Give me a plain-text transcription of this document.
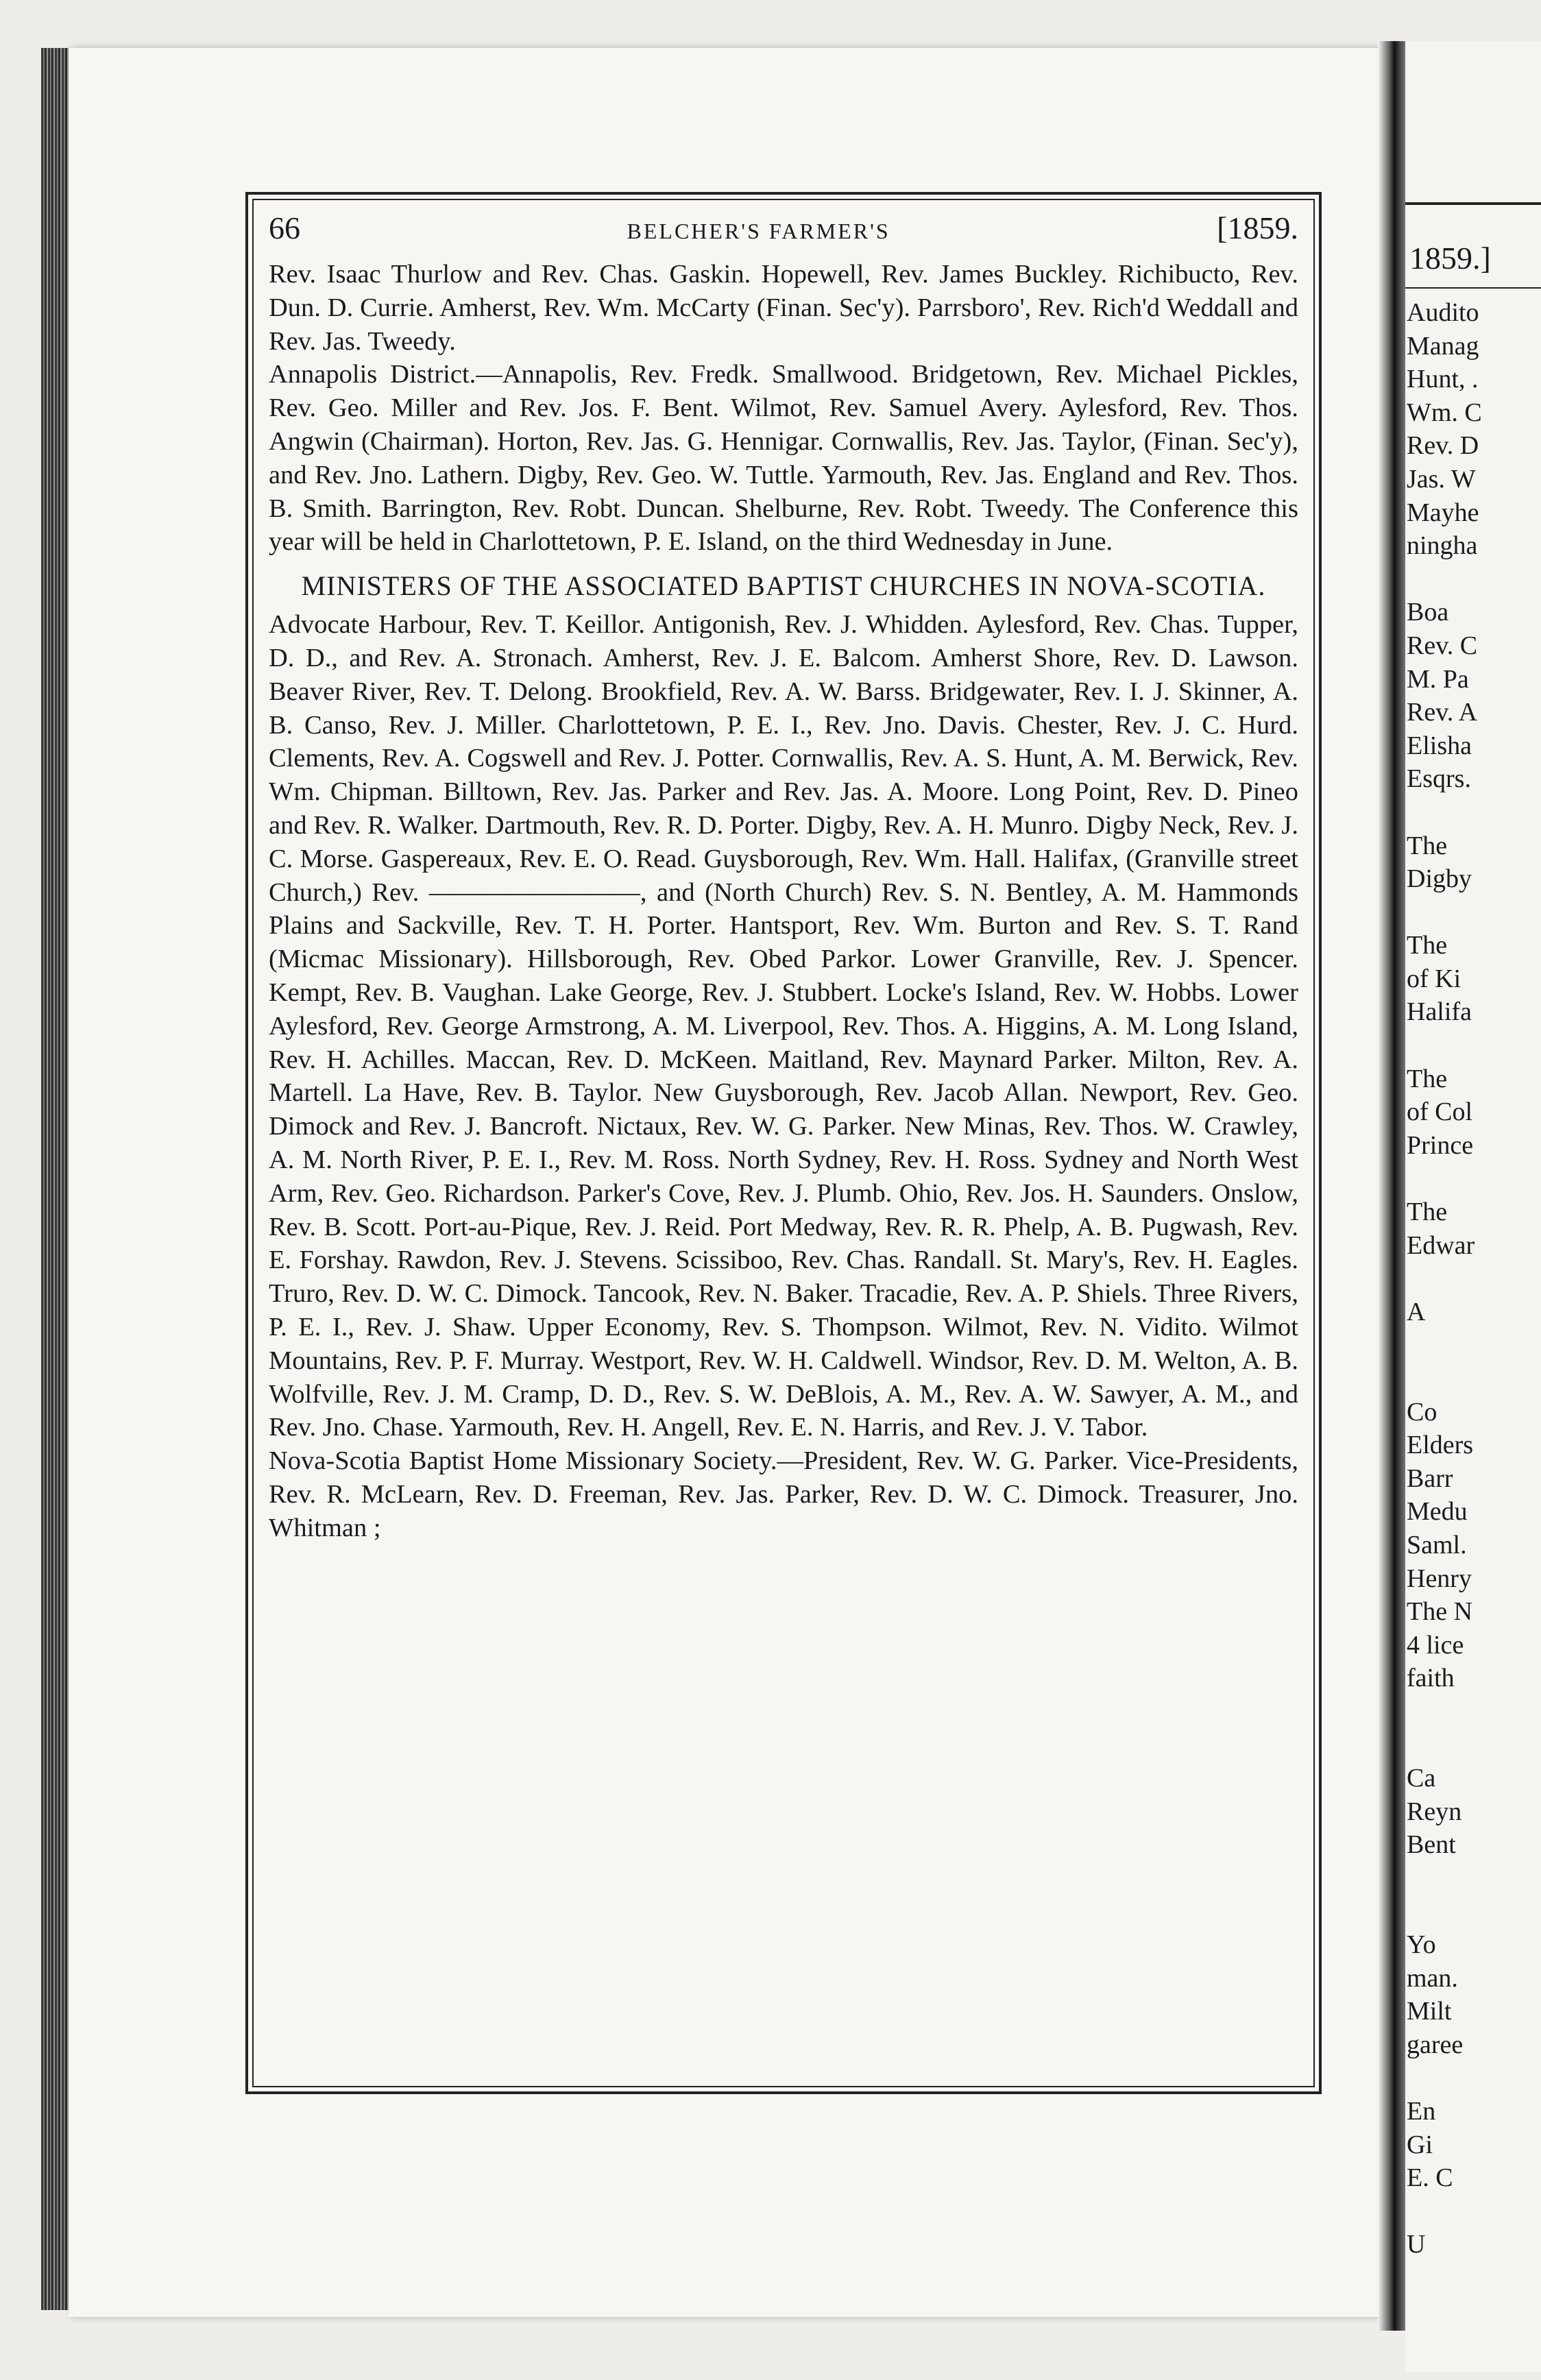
1859.]
Audito
Manag
Hunt, .
Wm. C
Rev. D
Jas. W
Mayhe
ningha
Boa
Rev. C
M. Pa
Rev. A
Elisha
Esqrs.
The
Digby
The
of Ki
Halifa
The
of Col
Prince
The
Edwar
A
Co
Elders
Barr
Medu
Saml.
Henry
The N
4 lice
faith
Ca
Reyn
Bent
Yo
man.
Milt
garee
En
Gi
E. C
U
66	BELCHER'S FARMER'S	[1859.

Rev. Isaac Thurlow and Rev. Chas. Gaskin. Hopewell, Rev. James Buckley. Richibucto, Rev. Dun. D. Currie. Amherst, Rev. Wm. McCarty (Finan. Sec'y). Parrsboro', Rev. Rich'd Weddall and Rev. Jas. Tweedy.

Annapolis District.—Annapolis, Rev. Fredk. Smallwood. Bridgetown, Rev. Michael Pickles, Rev. Geo. Miller and Rev. Jos. F. Bent. Wilmot, Rev. Samuel Avery. Aylesford, Rev. Thos. Angwin (Chairman). Horton, Rev. Jas. G. Hennigar. Cornwallis, Rev. Jas. Taylor, (Finan. Sec'y), and Rev. Jno. Lathern. Digby, Rev. Geo. W. Tuttle. Yarmouth, Rev. Jas. England and Rev. Thos. B. Smith. Barrington, Rev. Robt. Duncan. Shelburne, Rev. Robt. Tweedy. The Conference this year will be held in Charlottetown, P. E. Island, on the third Wednesday in June.

MINISTERS OF THE ASSOCIATED BAPTIST CHURCHES IN NOVA-SCOTIA.

Advocate Harbour, Rev. T. Keillor. Antigonish, Rev. J. Whidden. Aylesford, Rev. Chas. Tupper, D. D., and Rev. A. Stronach. Amherst, Rev. J. E. Balcom. Amherst Shore, Rev. D. Lawson. Beaver River, Rev. T. Delong. Brookfield, Rev. A. W. Barss. Bridgewater, Rev. I. J. Skinner, A. B. Canso, Rev. J. Miller. Charlottetown, P. E. I., Rev. Jno. Davis. Chester, Rev. J. C. Hurd. Clements, Rev. A. Cogswell and Rev. J. Potter. Cornwallis, Rev. A. S. Hunt, A. M. Berwick, Rev. Wm. Chipman. Billtown, Rev. Jas. Parker and Rev. Jas. A. Moore. Long Point, Rev. D. Pineo and Rev. R. Walker. Dartmouth, Rev. R. D. Porter. Digby, Rev. A. H. Munro. Digby Neck, Rev. J. C. Morse. Gaspereaux, Rev. E. O. Read. Guysborough, Rev. Wm. Hall. Halifax, (Granville street Church,) Rev. ————————, and (North Church) Rev. S. N. Bentley, A. M. Hammonds Plains and Sackville, Rev. T. H. Porter. Hantsport, Rev. Wm. Burton and Rev. S. T. Rand (Micmac Missionary). Hillsborough, Rev. Obed Parkor. Lower Granville, Rev. J. Spencer. Kempt, Rev. B. Vaughan. Lake George, Rev. J. Stubbert. Locke's Island, Rev. W. Hobbs. Lower Aylesford, Rev. George Armstrong, A. M. Liverpool, Rev. Thos. A. Higgins, A. M. Long Island, Rev. H. Achilles. Maccan, Rev. D. McKeen. Maitland, Rev. Maynard Parker. Milton, Rev. A. Martell. La Have, Rev. B. Taylor. New Guysborough, Rev. Jacob Allan. Newport, Rev. Geo. Dimock and Rev. J. Bancroft. Nictaux, Rev. W. G. Parker. New Minas, Rev. Thos. W. Crawley, A. M. North River, P. E. I., Rev. M. Ross. North Sydney, Rev. H. Ross. Sydney and North West Arm, Rev. Geo. Richardson. Parker's Cove, Rev. J. Plumb. Ohio, Rev. Jos. H. Saunders. Onslow, Rev. B. Scott. Port-au-Pique, Rev. J. Reid. Port Medway, Rev. R. R. Phelp, A. B. Pugwash, Rev. E. Forshay. Rawdon, Rev. J. Stevens. Scissiboo, Rev. Chas. Randall. St. Mary's, Rev. H. Eagles. Truro, Rev. D. W. C. Dimock. Tancook, Rev. N. Baker. Tracadie, Rev. A. P. Shiels. Three Rivers, P. E. I., Rev. J. Shaw. Upper Economy, Rev. S. Thompson. Wilmot, Rev. N. Vidito. Wilmot Mountains, Rev. P. F. Murray. Westport, Rev. W. H. Caldwell. Windsor, Rev. D. M. Welton, A. B. Wolfville, Rev. J. M. Cramp, D. D., Rev. S. W. DeBlois, A. M., Rev. A. W. Sawyer, A. M., and Rev. Jno. Chase. Yarmouth, Rev. H. Angell, Rev. E. N. Harris, and Rev. J. V. Tabor.

Nova-Scotia Baptist Home Missionary Society.—President, Rev. W. G. Parker. Vice-Presidents, Rev. R. McLearn, Rev. D. Freeman, Rev. Jas. Parker, Rev. D. W. C. Dimock. Treasurer, Jno. Whitman ;
